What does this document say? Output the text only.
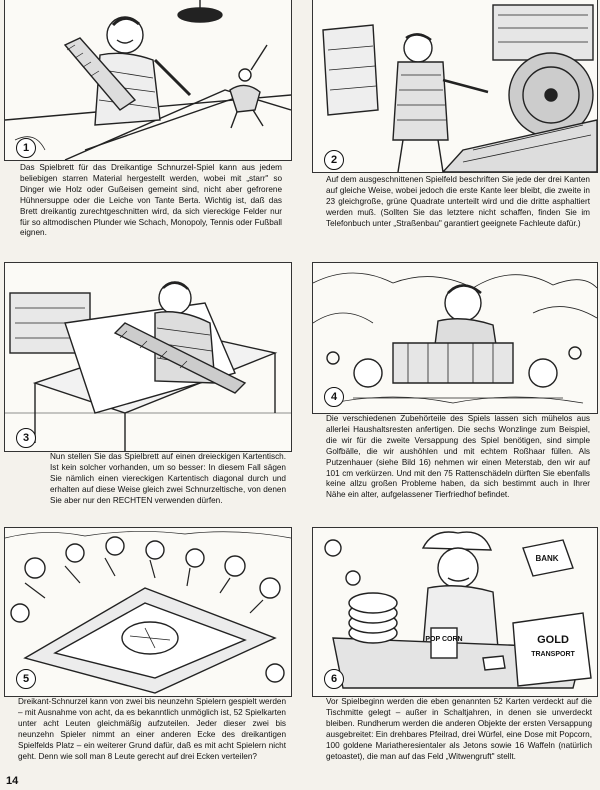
1

Das Spielbrett für das Dreikantige Schnurzel-Spiel kann aus jedem beliebigen starren Material hergestellt werden, wobei mit „starr" so Dinger wie Holz oder Gußeisen gemeint sind, nicht aber gefrorene Hühnersuppe oder die Leiche von Tante Berta. Wichtig ist, daß das Brett dreikantig zurechtgeschnitten wird, da sich viereckige Felder nur für so altmodischen Plunder wie Schach, Monopoly, Tennis oder Fußball eignen.

2

Auf dem ausgeschnittenen Spielfeld beschriften Sie jede der drei Kanten auf gleiche Weise, wobei jedoch die erste Kante leer bleibt, die zweite in 23 gleichgroße, grüne Quadrate unterteilt wird und die dritte asphaltiert werden muß. (Sollten Sie das letztere nicht schaffen, finden Sie im Telefonbuch unter „Straßenbau" garantiert geeignete Fachleute dafür.)

3

Nun stellen Sie das Spielbrett auf einen dreieckigen Kartentisch. Ist kein solcher vorhanden, um so besser: In diesem Fall sägen Sie nämlich einen viereckigen Kartentisch diagonal durch und erhalten auf diese Weise gleich zwei Schnurzeltische, von denen Sie aber nur den RECHTEN verwenden dürfen.

4

Die verschiedenen Zubehörteile des Spiels lassen sich mühelos aus allerlei Haushaltsresten anfertigen. Die sechs Wonzlinge zum Beispiel, die wir für die zweite Versappung des Spiel benötigen, sind simple Golfbälle, die wir aushöhlen und mit echtem Roßhaar füllen. Als Putzenhauer (siehe Bild 16) nehmen wir einen Meterstab, den wir auf 101 cm verkürzen. Und mit den 75 Rattenschädeln dürften Sie ebenfalls keine allzu großen Probleme haben, da sich bestimmt auch in Ihrer Nähe ein alter, aufgelassener Tierfriedhof befindet.

5

Dreikant-Schnurzel kann von zwei bis neunzehn Spielern gespielt werden – mit Ausnahme von acht, da es bekanntlich unmöglich ist, 52 Spielkarten unter acht Leuten gleichmäßig aufzuteilen. Jeder dieser zwei bis neunzehn Spieler nimmt an einer anderen Ecke des dreikantigen Spielfelds Platz – ein weiterer Grund dafür, daß es mit acht Spielern nicht geht. Denn wie soll man 8 Leute gerecht auf drei Ecken verteilen?

POP CORN
BANK
GOLD
TRANSPORT
6

Vor Spielbeginn werden die eben genannten 52 Karten verdeckt auf die Tischmitte gelegt – außer in Schaltjahren, in denen sie unverdeckt bleiben. Rundherum werden die anderen Objekte der ersten Versappung ausgebreitet: Ein drehbares Pfeilrad, drei Würfel, eine Dose mit Popcorn, 100 goldene Mariatheresientaler als Jetons sowie 16 Waffeln (natürlich getoastet), die man auf das Feld „Witwengruft" stellt.

14
